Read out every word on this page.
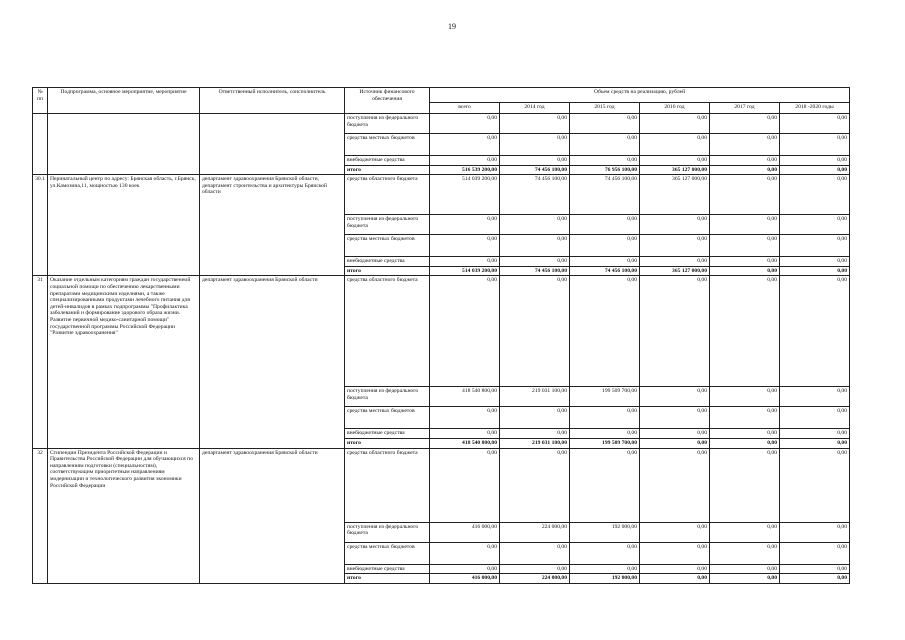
19
№ пп	Подпрограмма, основное мероприятие, мероприятие	Ответственный исполнитель, соисполнитель	Источник финансового обеспечения	Объем средств на реализацию, рублей					
				всего	2014 год	2015 год	2016 год	2017 год	2018 -2020 годы
			поступления из федерального бюджета	0,00	0,00	0,00	0,00	0,00	0,00
			средства местных бюджетов	0,00	0,00	0,00	0,00	0,00	0,00
			внебюджетные средства	0,00	0,00	0,00	0,00	0,00	0,00
			итого	516 539 200,00	74 456 100,00	76 956 100,00	365 127 000,00	0,00	0,00
30.1	Перинатальный центр по адресу: Брянская область, г.Брянск, ул.Камозина,11, мощностью 130 коек	департамент здравоохранения Брянской области, департамент строительства и архитектуры Брянской области	средства областного бюджета	514 039 200,00	74 456 100,00	74 456 100,00	365 127 000,00	0,00	0,00
			поступления из федерального бюджета	0,00	0,00	0,00	0,00	0,00	0,00
			средства местных бюджетов	0,00	0,00	0,00	0,00	0,00	0,00
			внебюджетные средства	0,00	0,00	0,00	0,00	0,00	0,00
			итого	514 039 200,00	74 456 100,00	74 456 100,00	365 127 000,00	0,00	0,00
31	Оказание отдельным категориям граждан государственной социальной помощи по обеспечению лекарственными препаратами медицинскими изделиями, а также специализированными продуктами лечебного питания для детей-инвалидов в рамках подпрограммы "Профилактика заболеваний и формирование здорового образа жизни. Развитие первичной медико-санитарной помощи" государственной программы Российской Федерации "Развитие здравоохранения"	департамент здравоохранения Брянской области	средства областного бюджета	0,00	0,00	0,00	0,00	0,00	0,00
			поступления из федерального бюджета	418 540 800,00	219 031 100,00	199 509 700,00	0,00	0,00	0,00
			средства местных бюджетов	0,00	0,00	0,00	0,00	0,00	0,00
			внебюджетные средства	0,00	0,00	0,00	0,00	0,00	0,00
			итого	418 540 800,00	219 031 100,00	199 509 700,00	0,00	0,00	0,00
32	Стипендии Президента Российской Федерации и Правительства Российской Федерации для обучающихся по направлениям подготовки (специальностям), соответствующим приоритетным направлениям модернизации и технологического развития экономики Российской Федерации	департамент здравоохранения Брянской области	средства областного бюджета	0,00	0,00	0,00	0,00	0,00	0,00
			поступления из федерального бюджета	416 000,00	224 000,00	192 000,00	0,00	0,00	0,00
			средства местных бюджетов	0,00	0,00	0,00	0,00	0,00	0,00
			внебюджетные средства	0,00	0,00	0,00	0,00	0,00	0,00
			итого	416 000,00	224 000,00	192 000,00	0,00	0,00	0,00
